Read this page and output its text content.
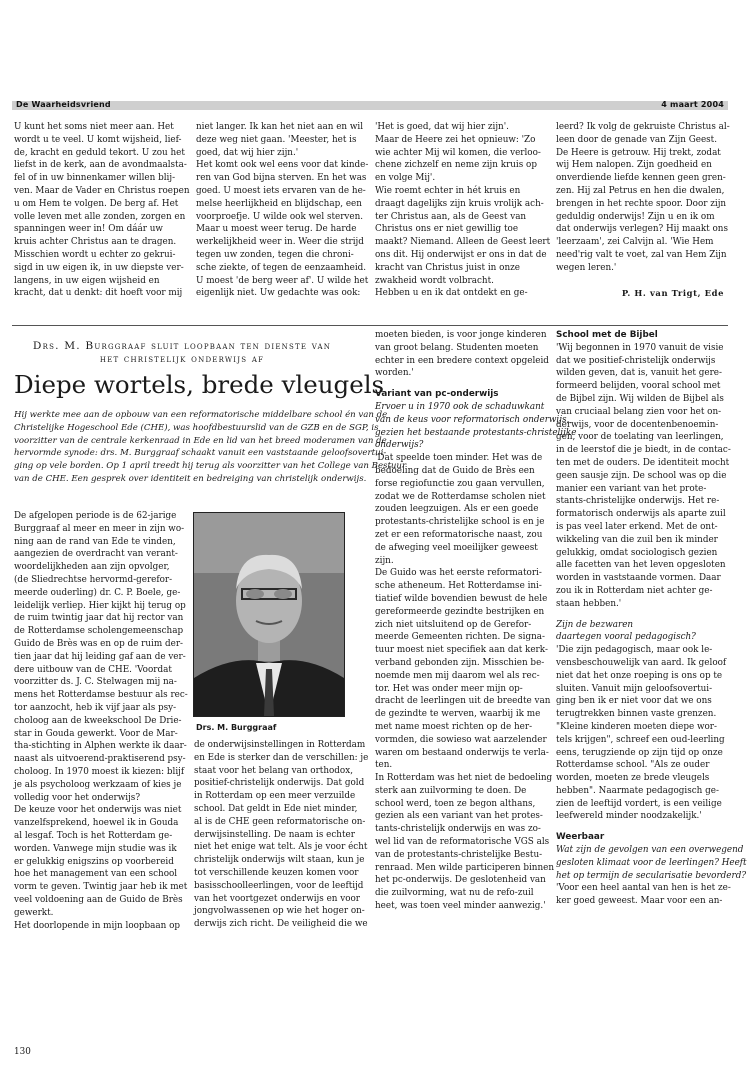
De Waarheidsvriend	4 maart 2004
U kunt het soms niet meer aan. Het
wordt u te veel. U komt wijsheid, lief-
de, kracht en geduld tekort. U zou het
liefst in de kerk, aan de avondmaalsta-
fel of in uw binnenkamer willen blij-
ven. Maar de Vader en Christus roepen
u om Hem te volgen. De berg af. Het
volle leven met alle zonden, zorgen en
spanningen weer in! Om dáár uw
kruis achter Christus aan te dragen.
Misschien wordt u echter zo gekrui-
sigd in uw eigen ik, in uw diepste ver-
langens, in uw eigen wijsheid en
kracht, dat u denkt: dit hoeft voor mij
niet langer. Ik kan het niet aan en wil
deze weg niet gaan. 'Meester, het is
goed, dat wij hier zijn.'
Het komt ook wel eens voor dat kinde-
ren van God bijna sterven. En het was
goed. U moest iets ervaren van de he-
melse heerlijkheid en blijdschap, een
voorproefje. U wilde ook wel sterven.
Maar u moest weer terug. De harde
werkelijkheid weer in. Weer die strijd
tegen uw zonden, tegen die chroni-
sche ziekte, of tegen de eenzaamheid.
U moest 'de berg weer af'. U wilde het
eigenlijk niet. Uw gedachte was ook:
'Het is goed, dat wij hier zijn'.
Maar de Heere zei het opnieuw: 'Zo
wie achter Mij wil komen, die verloo-
chene zichzelf en neme zijn kruis op
en volge Mij'.
Wie roemt echter in hét kruis en
draagt dagelijks zijn kruis vrolijk ach-
ter Christus aan, als de Geest van
Christus ons er niet gewillig toe
maakt? Niemand. Alleen de Geest leert
ons dit. Hij onderwijst er ons in dat de
kracht van Christus juist in onze
zwakheid wordt volbracht.
Hebben u en ik dat ontdekt en ge-
leerd? Ik volg de gekruiste Christus al-
leen door de genade van Zijn Geest.
De Heere is getrouw. Hij trekt, zodat
wij Hem nalopen. Zijn goedheid en
onverdiende liefde kennen geen gren-
zen. Hij zal Petrus en hen die dwalen,
brengen in het rechte spoor. Door zijn
geduldig onderwijs! Zijn u en ik om
dat onderwijs verlegen? Hij maakt ons
'leerzaam', zei Calvijn al. 'Wie Hem
need'rig valt te voet, zal van Hem Zijn
wegen leren.'
P. H. van Trigt, Ede
Drs. M. Burggraaf sluit loopbaan ten dienste van
het christelijk onderwijs af
Diepe wortels, brede vleugels
Hij werkte mee aan de opbouw van een reformatorische middelbare school én van de
Christelijke Hogeschool Ede (CHE), was hoofdbestuurslid van de GZB en de SGP, is
voorzitter van de centrale kerkenraad in Ede en lid van het breed moderamen van de
hervormde synode: drs. M. Burggraaf schaakt vanuit een vaststaande geloofsovertui-
ging op vele borden. Op 1 april treedt hij terug als voorzitter van het College van Bestuur
van de CHE. Een gesprek over identiteit en bedreiging van christelijk onderwijs.
De afgelopen periode is de 62-jarige
Burggraaf al meer en meer in zijn wo-
ning aan de rand van Ede te vinden,
aangezien de overdracht van verant-
woordelijkheden aan zijn opvolger,
(de Sliedrechtse hervormd-gerefor-
meerde ouderling) dr. C. P. Boele, ge-
leidelijk verliep. Hier kijkt hij terug op
de ruim twintig jaar dat hij rector van
de Rotterdamse scholengemeenschap
Guido de Brès was en op de ruim der-
tien jaar dat hij leiding gaf aan de ver-
dere uitbouw van de CHE. 'Voordat
voorzitter ds. J. C. Stelwagen mij na-
mens het Rotterdamse bestuur als rec-
tor aanzocht, heb ik vijf jaar als psy-
choloog aan de kweekschool De Drie-
star in Gouda gewerkt. Voor de Mar-
tha-stichting in Alphen werkte ik daar-
naast als uitvoerend-praktiserend psy-
choloog. In 1970 moest ik kiezen: blijf
je als psycholoog werkzaam of kies je
volledig voor het onderwijs?
De keuze voor het onderwijs was niet
vanzelfsprekend, hoewel ik in Gouda
al lesgaf. Toch is het Rotterdam ge-
worden. Vanwege mijn studie was ik
er gelukkig enigszins op voorbereid
hoe het management van een school
vorm te geven. Twintig jaar heb ik met
veel voldoening aan de Guido de Brès
gewerkt.
Het doorlopende in mijn loopbaan op
Drs. M. Burggraaf
de onderwijsinstellingen in Rotterdam
en Ede is sterker dan de verschillen: je
staat voor het belang van orthodox,
positief-christelijk onderwijs. Dat gold
in Rotterdam op een meer verzuilde
school. Dat geldt in Ede niet minder,
al is de CHE geen reformatorische on-
derwijsinstelling. De naam is echter
niet het enige wat telt. Als je voor écht
christelijk onderwijs wilt staan, kun je
tot verschillende keuzen komen voor
basisschoolleerlingen, voor de leeftijd
van het voortgezet onderwijs en voor
jongvolwassenen op wie het hoger on-
derwijs zich richt. De veiligheid die we
moeten bieden, is voor jonge kinderen
van groot belang. Studenten moeten
echter in een bredere context opgeleid
worden.'
Variant van pc-onderwijs
Ervoer u in 1970 ook de schaduwkant
van de keus voor reformatorisch onderwijs,
gezien het bestaande protestants-christelijke
onderwijs?
'Dat speelde toen minder. Het was de
bedoeling dat de Guido de Brès een
forse regiofunctie zou gaan vervullen,
zodat we de Rotterdamse scholen niet
zouden leegzuigen. Als er een goede
protestants-christelijke school is en je
zet er een reformatorische naast, zou
de afweging veel moeilijker geweest
zijn.
De Guido was het eerste reformatori-
sche atheneum. Het Rotterdamse ini-
tiatief wilde bovendien bewust de hele
gereformeerde gezindte bestrijken en
zich niet uitsluitend op de Gerefor-
meerde Gemeenten richten. De signa-
tuur moest niet specifiek aan dat kerk-
verband gebonden zijn. Misschien be-
noemde men mij daarom wel als rec-
tor. Het was onder meer mijn op-
dracht de leerlingen uit de breedte van
de gezindte te werven, waarbij ik me
met name moest richten op de her-
vormden, die sowieso wat aarzelender
waren om bestaand onderwijs te verla-
ten.
In Rotterdam was het niet de bedoeling
sterk aan zuilvorming te doen. De
school werd, toen ze begon althans,
gezien als een variant van het protes-
tants-christelijk onderwijs en was zo-
wel lid van de reformatorische VGS als
van de protestants-christelijke Bestu-
renraad. Men wilde participeren binnen
het pc-onderwijs. De geslotenheid van
die zuilvorming, wat nu de refo-zuil
heet, was toen veel minder aanwezig.'
School met de Bijbel
'Wij begonnen in 1970 vanuit de visie
dat we positief-christelijk onderwijs
wilden geven, dat is, vanuit het gere-
formeerd belijden, vooral school met
de Bijbel zijn. Wij wilden de Bijbel als
van cruciaal belang zien voor het on-
derwijs, voor de docentenbenoemin-
gen, voor de toelating van leerlingen,
in de leerstof die je biedt, in de contac-
ten met de ouders. De identiteit mocht
geen sausje zijn. De school was op die
manier een variant van het prote-
stants-christelijke onderwijs. Het re-
formatorisch onderwijs als aparte zuil
is pas veel later erkend. Met de ont-
wikkeling van die zuil ben ik minder
gelukkig, omdat sociologisch gezien
alle facetten van het leven opgesloten
worden in vaststaande vormen. Daar
zou ik in Rotterdam niet achter ge-
staan hebben.'
Zijn de bezwaren
daartegen vooral pedagogisch?
'Die zijn pedagogisch, maar ook le-
vensbeschouwelijk van aard. Ik geloof
niet dat het onze roeping is ons op te
sluiten. Vanuit mijn geloofsovertui-
ging ben ik er niet voor dat we ons
terugtrekken binnen vaste grenzen.
"Kleine kinderen moeten diepe wor-
tels krijgen", schreef een oud-leerling
eens, terugziende op zijn tijd op onze
Rotterdamse school. "Als ze ouder
worden, moeten ze brede vleugels
hebben". Naarmate pedagogisch ge-
zien de leeftijd vordert, is een veilige
leefwereld minder noodzakelijk.'
Weerbaar
Wat zijn de gevolgen van een overwegend
gesloten klimaat voor de leerlingen? Heeft
het op termijn de secularisatie bevorderd?
'Voor een heel aantal van hen is het ze-
ker goed geweest. Maar voor een an-
130
